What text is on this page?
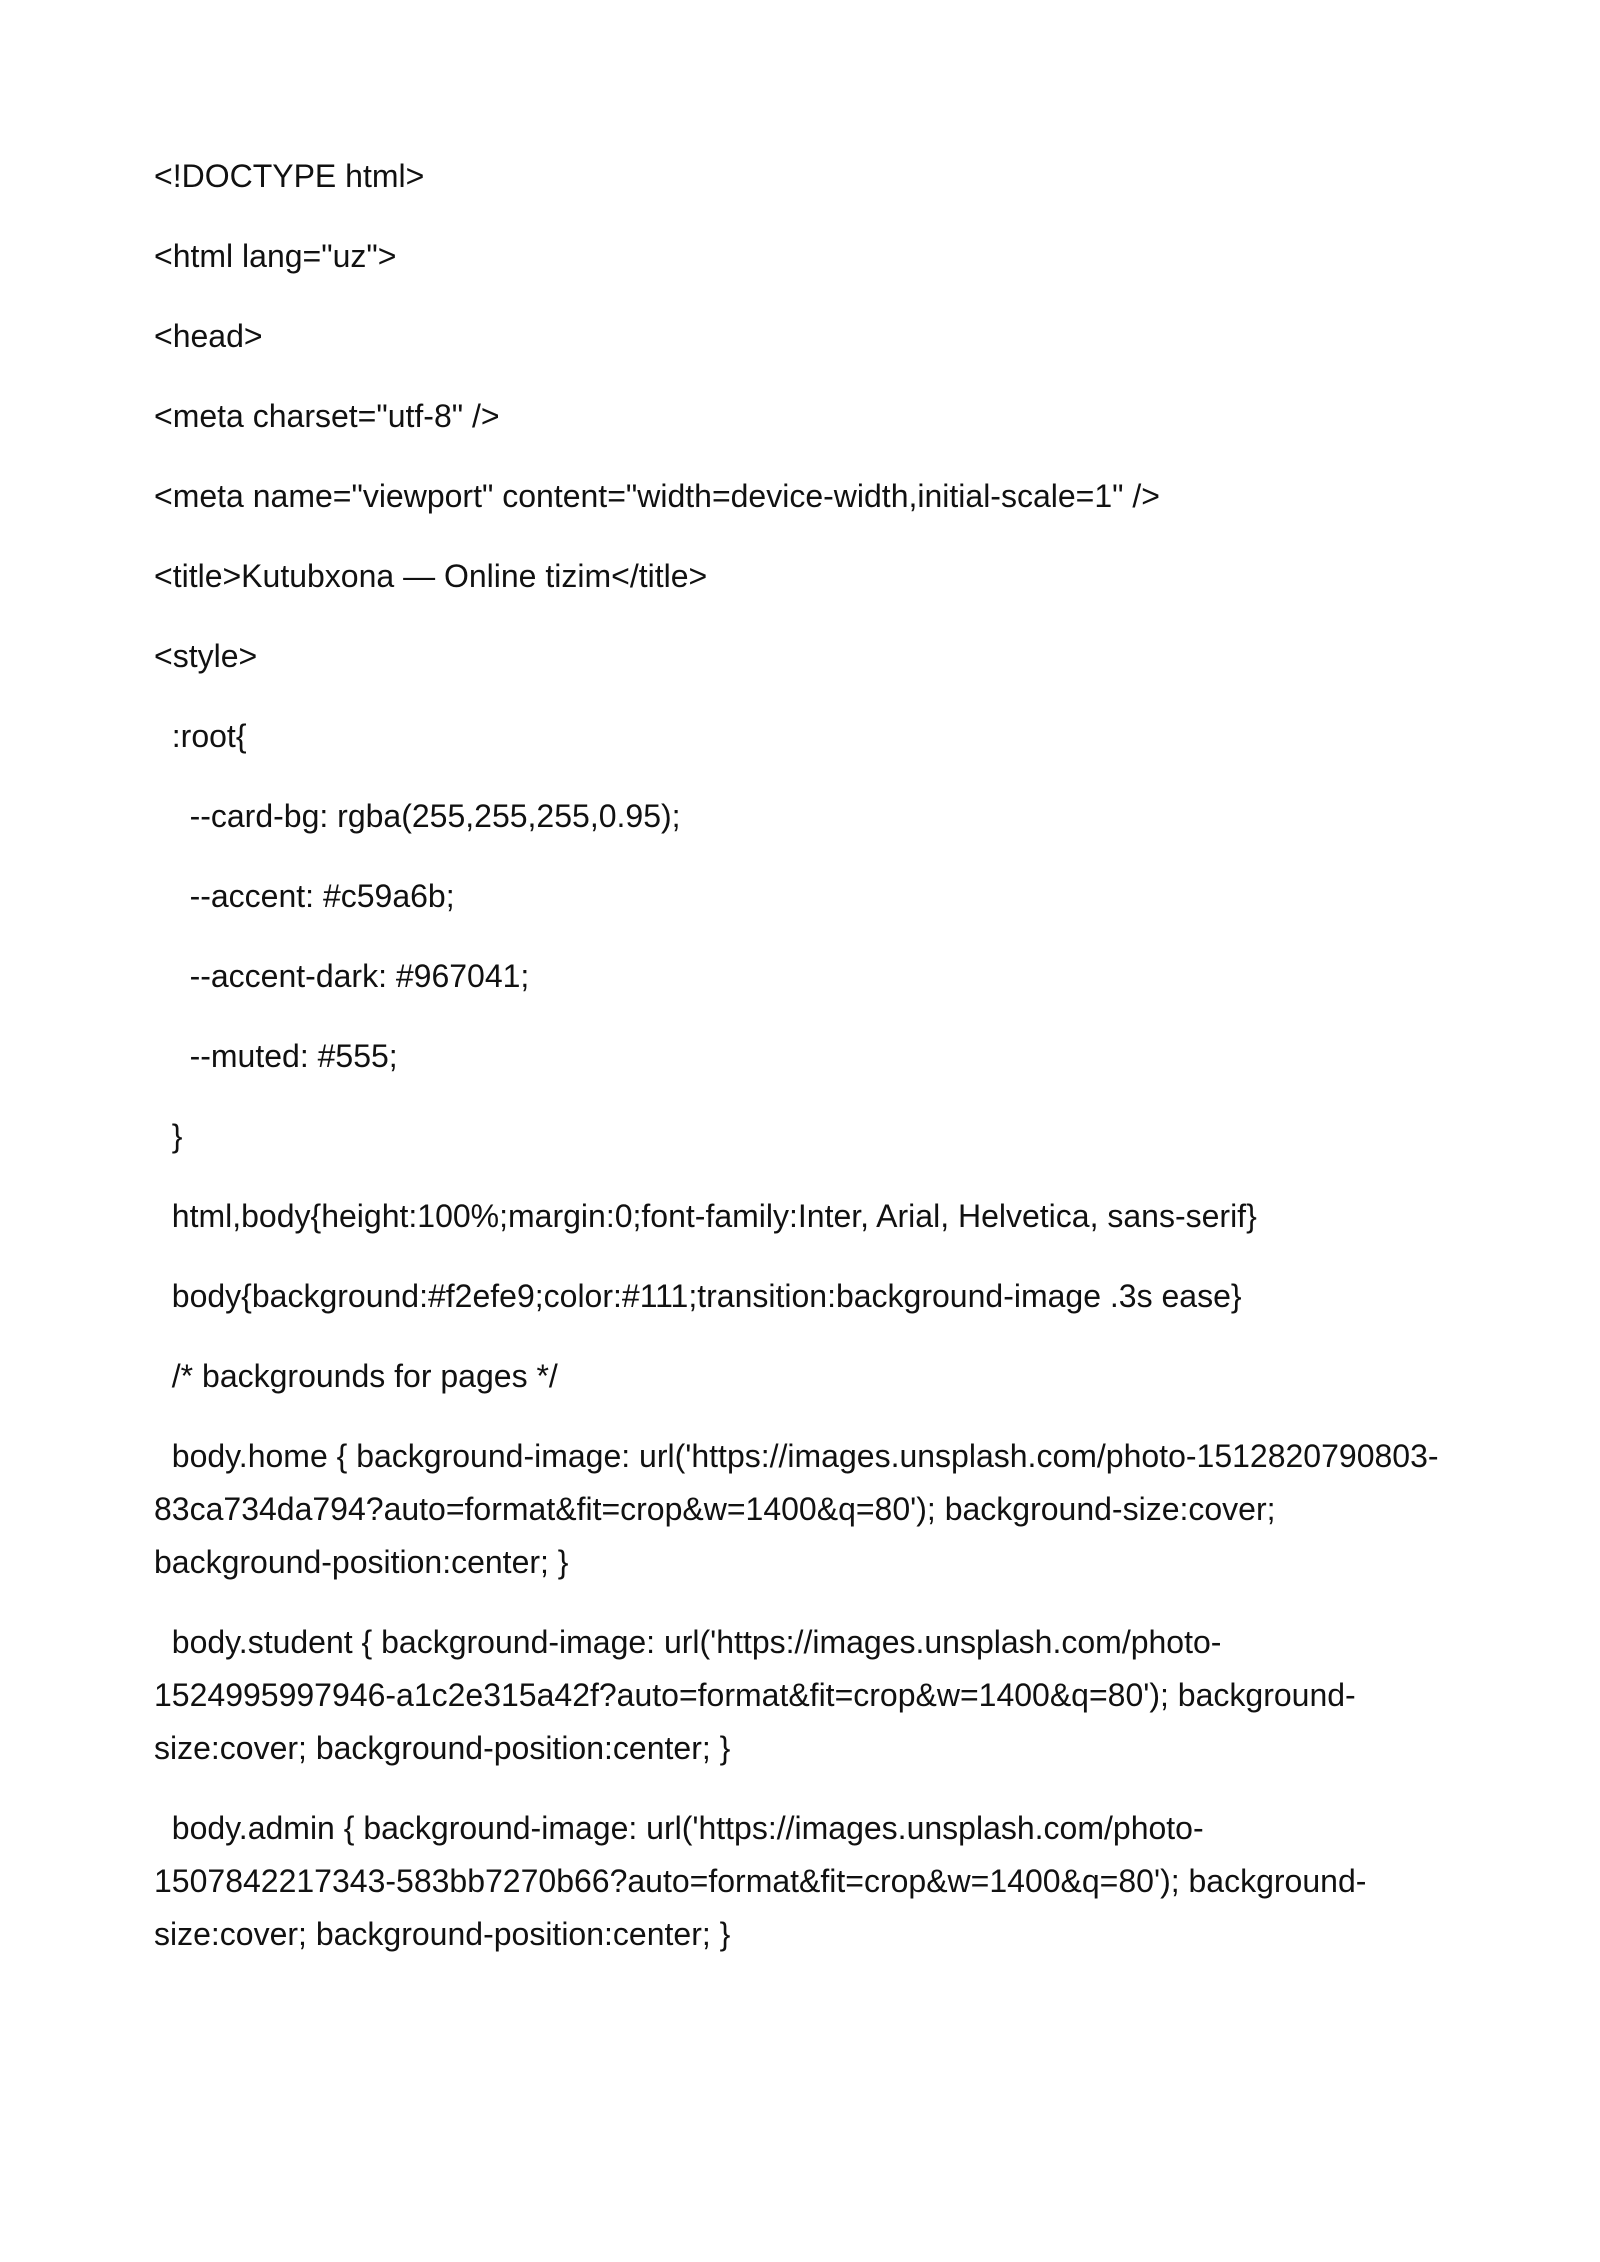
<!DOCTYPE html>

<html lang="uz">

<head>

<meta charset="utf-8" />

<meta name="viewport" content="width=device-width,initial-scale=1" />

<title>Kutubxona — Online tizim</title>

<style>

:root{

--card-bg: rgba(255,255,255,0.95);

--accent: #c59a6b;

--accent-dark: #967041;

--muted: #555;

}

html,body{height:100%;margin:0;font-family:Inter, Arial, Helvetica, sans-serif}

body{background:#f2efe9;color:#111;transition:background-image .3s ease}

/* backgrounds for pages */

body.home { background-image: url('https://images.unsplash.com/photo-1512820790803-83ca734da794?auto=format&fit=crop&w=1400&q=80'); background-size:cover; background-position:center; }

body.student { background-image: url('https://images.unsplash.com/photo-1524995997946-a1c2e315a42f?auto=format&fit=crop&w=1400&q=80'); background-size:cover; background-position:center; }

body.admin { background-image: url('https://images.unsplash.com/photo-1507842217343-583bb7270b66?auto=format&fit=crop&w=1400&q=80'); background-size:cover; background-position:center; }
